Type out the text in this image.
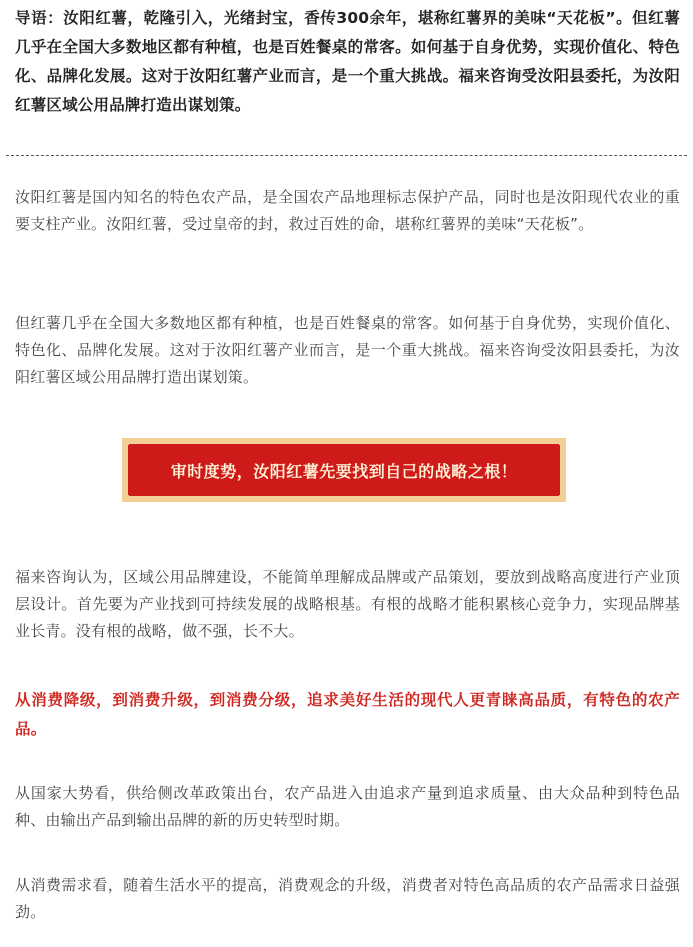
导语：汝阳红薯，乾隆引入，光绪封宝，香传300余年，堪称红薯界的美味“天花板”。但红薯几乎在全国大多数地区都有种植，也是百姓餐桌的常客。如何基于自身优势，实现价值化、特色化、品牌化发展。这对于汝阳红薯产业而言，是一个重大挑战。福来咨询受汝阳县委托，为汝阳红薯区域公用品牌打造出谋划策。
汝阳红薯是国内知名的特色农产品，是全国农产品地理标志保护产品，同时也是汝阳现代农业的重要支柱产业。汝阳红薯，受过皇帝的封，救过百姓的命，堪称红薯界的美味“天花板”。
但红薯几乎在全国大多数地区都有种植，也是百姓餐桌的常客。如何基于自身优势，实现价值化、特色化、品牌化发展。这对于汝阳红薯产业而言，是一个重大挑战。福来咨询受汝阳县委托，为汝阳红薯区域公用品牌打造出谋划策。
审时度势，汝阳红薯先要找到自己的战略之根！
福来咨询认为，区域公用品牌建设，不能简单理解成品牌或产品策划，要放到战略高度进行产业顶层设计。首先要为产业找到可持续发展的战略根基。有根的战略才能积累核心竞争力，实现品牌基业长青。没有根的战略，做不强，长不大。
从消费降级，到消费升级，到消费分级，追求美好生活的现代人更青睐高品质，有特色的农产品。
从国家大势看，供给侧改革政策出台，农产品进入由追求产量到追求质量、由大众品种到特色品种、由输出产品到输出品牌的新的历史转型时期。
从消费需求看，随着生活水平的提高，消费观念的升级，消费者对特色高品质的农产品需求日益强劲。
